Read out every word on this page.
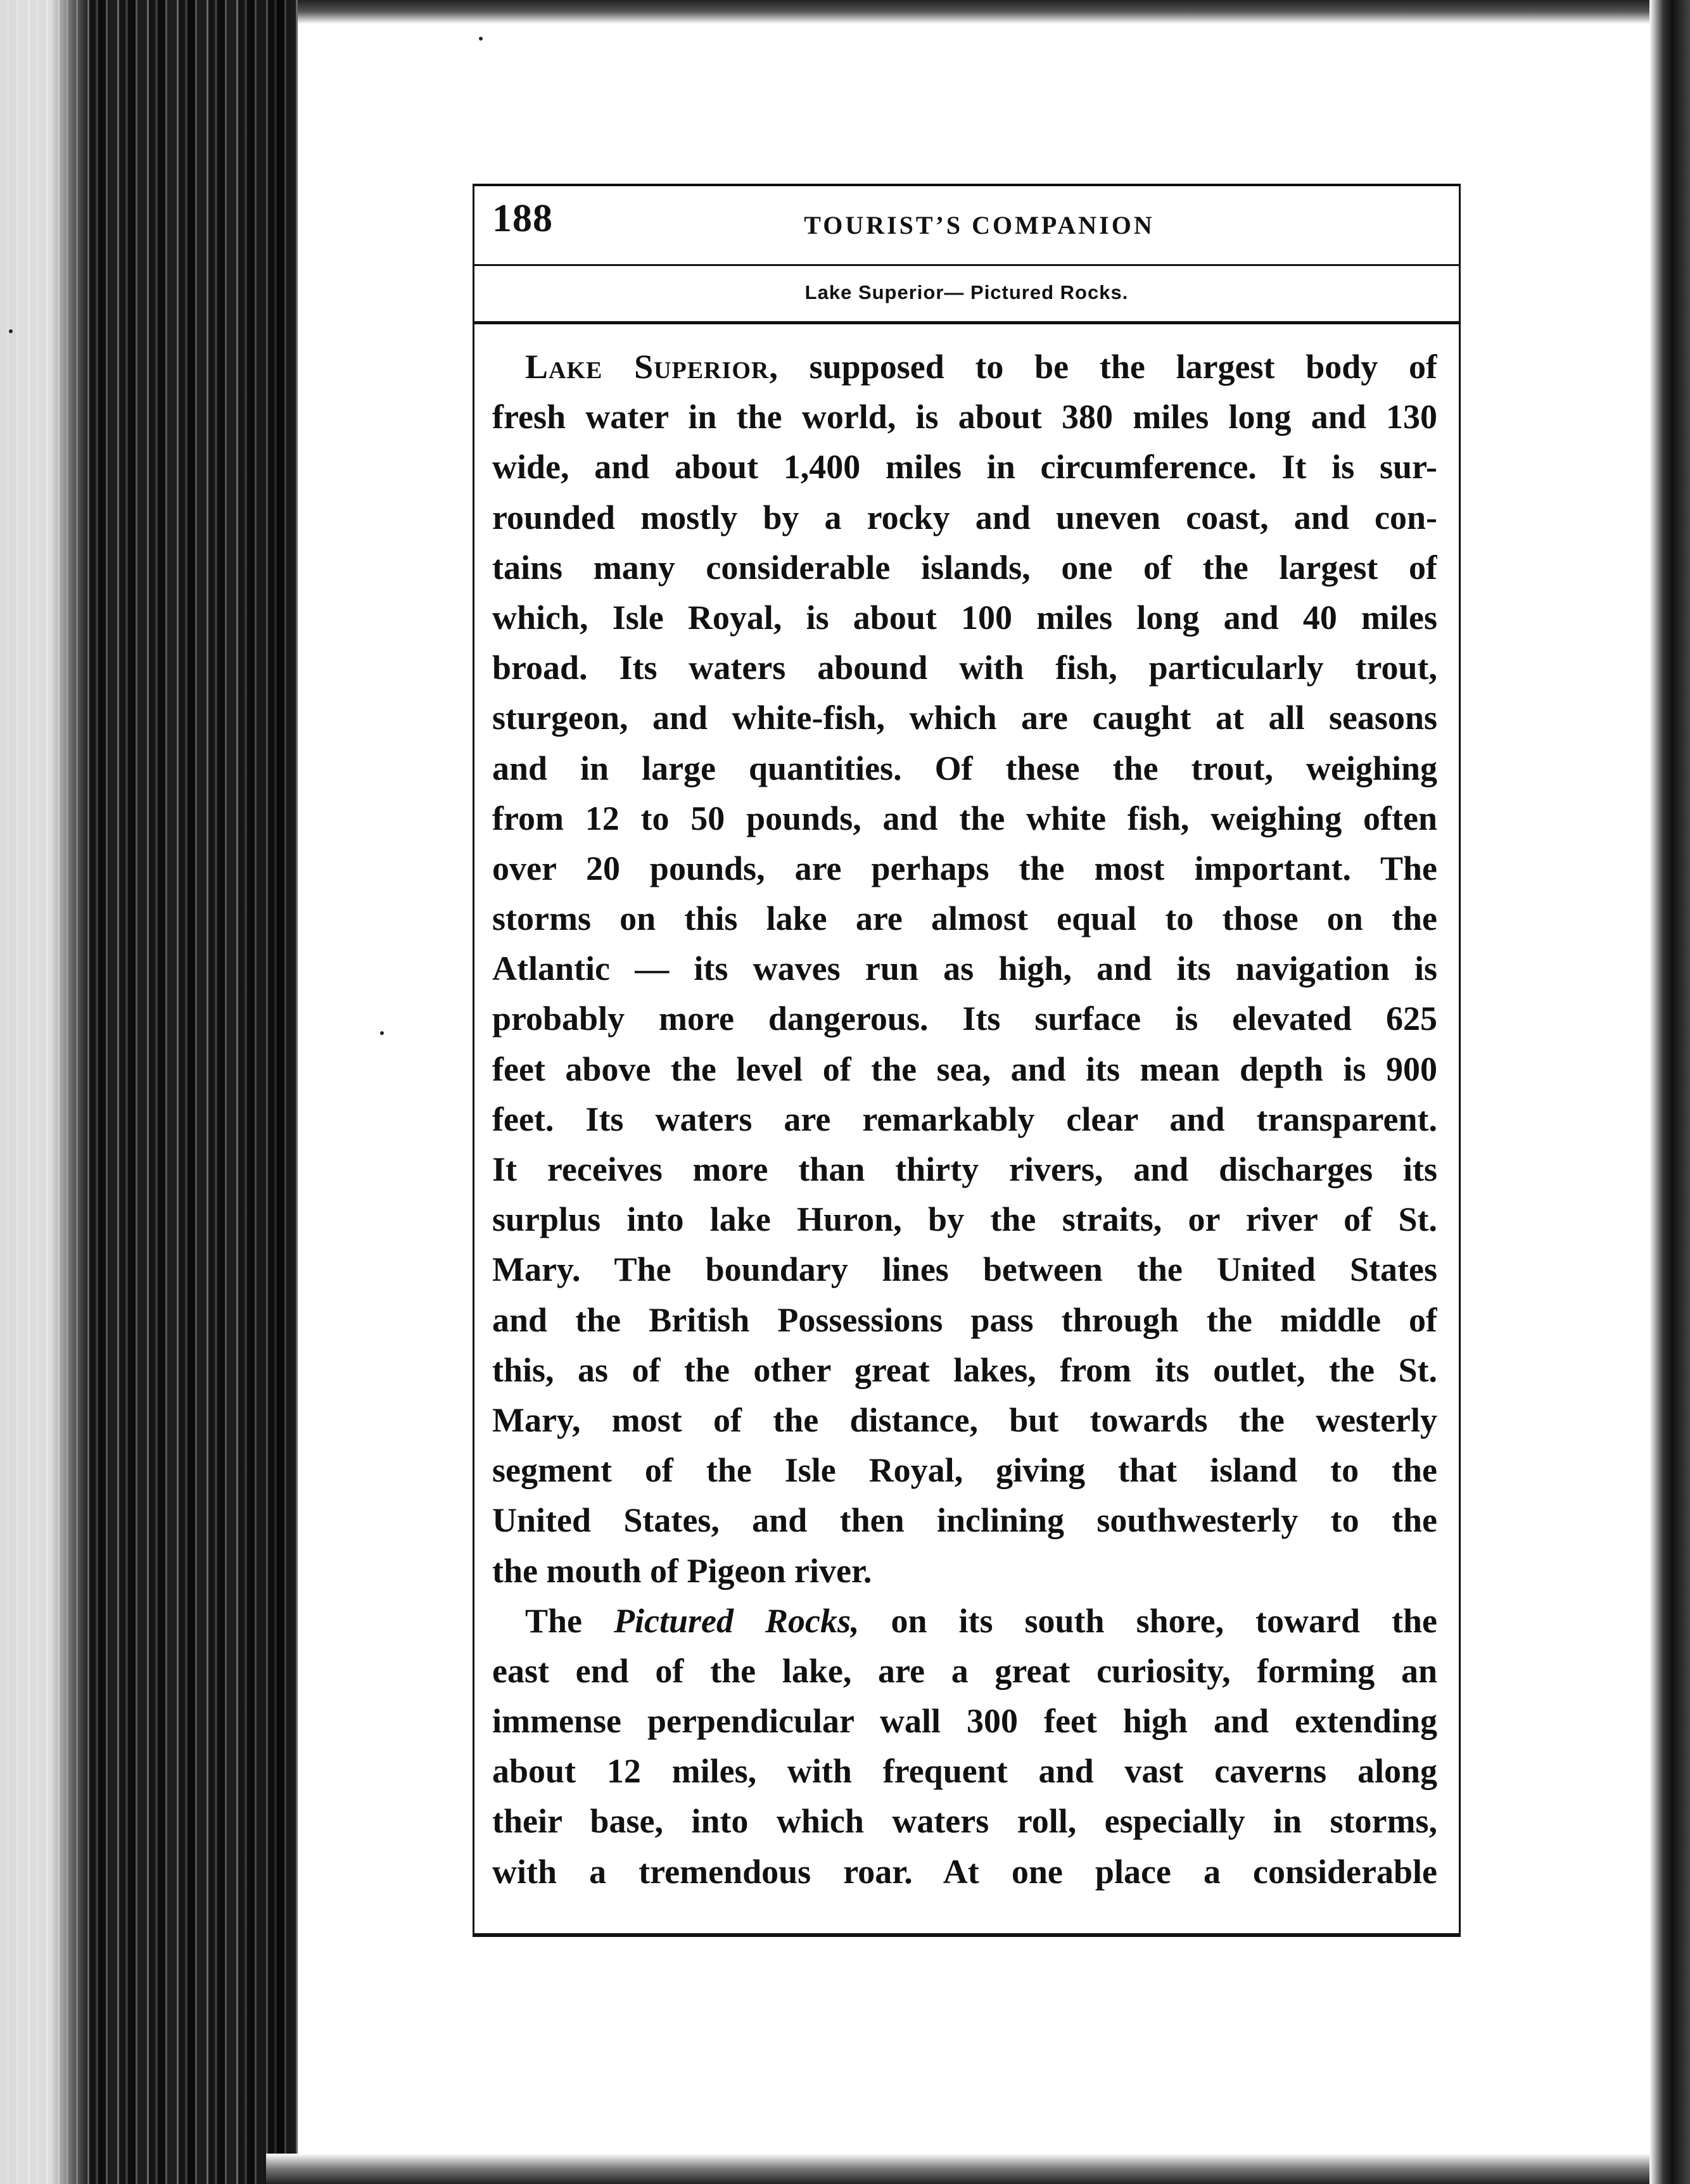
188	TOURIST’S COMPANION
Lake Superior— Pictured Rocks.
Lake Superior, supposed to be the largest body of
fresh water in the world, is about 380 miles long and 130
wide, and about 1,400 miles in circumference. It is sur-
rounded mostly by a rocky and uneven coast, and con-
tains many considerable islands, one of the largest of
which, Isle Royal, is about 100 miles long and 40 miles
broad. Its waters abound with fish, particularly trout,
sturgeon, and white-fish, which are caught at all seasons
and in large quantities. Of these the trout, weighing
from 12 to 50 pounds, and the white fish, weighing often
over 20 pounds, are perhaps the most important. The
storms on this lake are almost equal to those on the
Atlantic — its waves run as high, and its navigation is
probably more dangerous. Its surface is elevated 625
feet above the level of the sea, and its mean depth is 900
feet. Its waters are remarkably clear and transparent.
It receives more than thirty rivers, and discharges its
surplus into lake Huron, by the straits, or river of St.
Mary. The boundary lines between the United States
and the British Possessions pass through the middle of
this, as of the other great lakes, from its outlet, the St.
Mary, most of the distance, but towards the westerly
segment of the Isle Royal, giving that island to the
United States, and then inclining southwesterly to the
the mouth of Pigeon river.
The Pictured Rocks, on its south shore, toward the
east end of the lake, are a great curiosity, forming an
immense perpendicular wall 300 feet high and extending
about 12 miles, with frequent and vast caverns along
their base, into which waters roll, especially in storms,
with a tremendous roar. At one place a considerable
